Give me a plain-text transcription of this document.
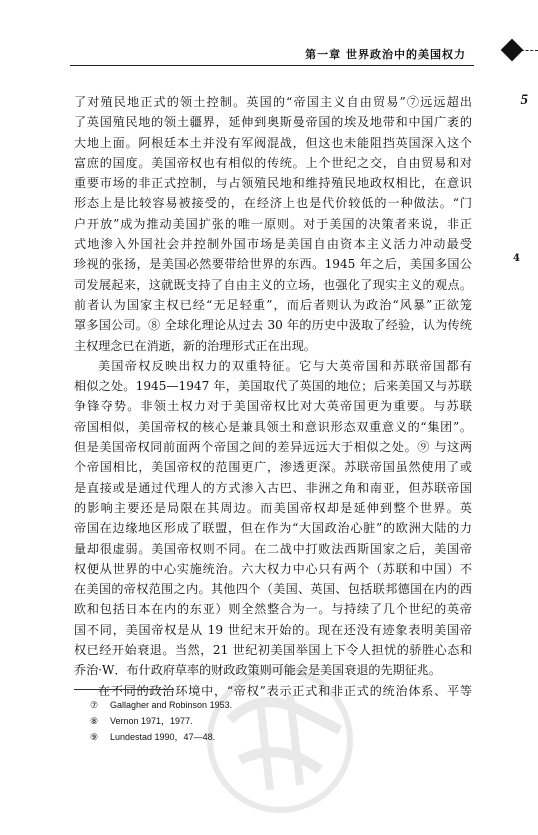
第一章 世界政治中的美国权力
5
4
了对殖民地正式的领土控制。英国的“帝国主义自由贸易”⑦远远超出
了英国殖民地的领土疆界，延伸到奥斯曼帝国的埃及地带和中国广袤的
大地上面。阿根廷本土并没有军阀混战，但这也未能阻挡英国深入这个
富庶的国度。美国帝权也有相似的传统。上个世纪之交，自由贸易和对
重要市场的非正式控制，与占领殖民地和维持殖民地政权相比，在意识
形态上是比较容易被接受的，在经济上也是代价较低的一种做法。“门
户开放”成为推动美国扩张的唯一原则。对于美国的决策者来说，非正
式地渗入外国社会并控制外国市场是美国自由资本主义活力冲动最受
珍视的张扬，是美国必然要带给世界的东西。1945 年之后，美国多国公
司发展起来，这就既支持了自由主义的立场，也强化了现实主义的观点。
前者认为国家主权已经“无足轻重”，而后者则认为政治“风暴”正欲笼
罩多国公司。⑧ 全球化理论从过去 30 年的历史中汲取了经验，认为传统
主权理念已在消逝，新的治理形式正在出现。
美国帝权反映出权力的双重特征。它与大英帝国和苏联帝国都有
相似之处。1945—1947 年，美国取代了英国的地位；后来美国又与苏联
争锋夺势。非领土权力对于美国帝权比对大英帝国更为重要。与苏联
帝国相似，美国帝权的核心是兼具领土和意识形态双重意义的“集团”。
但是美国帝权同前面两个帝国之间的差异远远大于相似之处。⑨ 与这两
个帝国相比，美国帝权的范围更广，渗透更深。苏联帝国虽然使用了或
是直接或是通过代理人的方式渗入古巴、非洲之角和南亚，但苏联帝国
的影响主要还是局限在其周边。而美国帝权却是延伸到整个世界。英
帝国在边缘地区形成了联盟，但在作为“大国政治心脏”的欧洲大陆的力
量却很虚弱。美国帝权则不同。在二战中打败法西斯国家之后，美国帝
权便从世界的中心实施统治。六大权力中心只有两个（苏联和中国）不
在美国的帝权范围之内。其他四个（美国、英国、包括联邦德国在内的西
欧和包括日本在内的东亚）则全然整合为一。与持续了几个世纪的英帝
国不同，美国帝权是从 19 世纪末开始的。现在还没有迹象表明美国帝
权已经开始衰退。当然，21 世纪初美国举国上下令人担忧的骄胜心态和
乔治·W．布什政府草率的财政政策则可能会是美国衰退的先期征兆。
在不同的政治环境中，“帝权”表示正式和非正式的统治体系、平等
⑦ Gallagher and Robinson 1953.
⑧ Vernon 1971，1977.
⑨ Lundestad 1990，47—48.
